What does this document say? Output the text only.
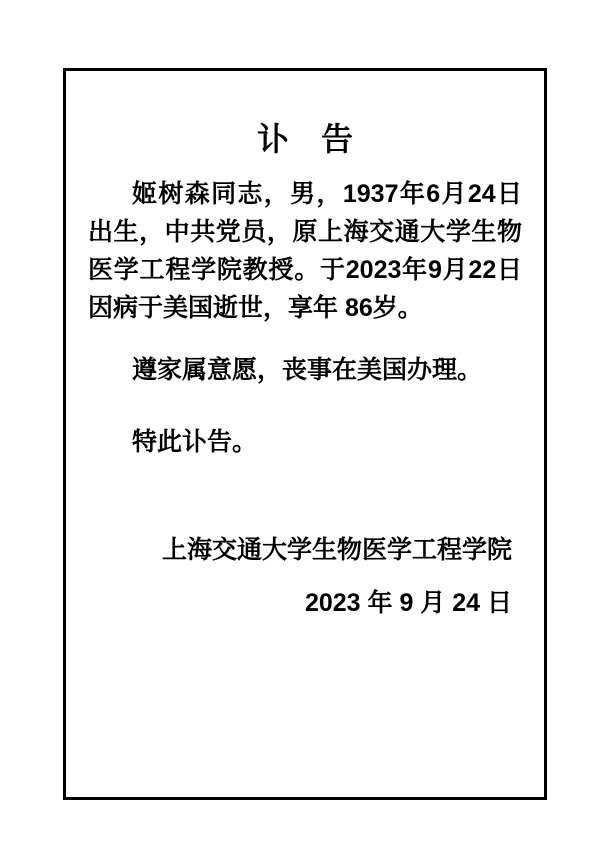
讣　告

姬树森同志，男，1937年6月24日出生，中共党员，原上海交通大学生物医学工程学院教授。于2023年9月22日因病于美国逝世，享年 86岁。

遵家属意愿，丧事在美国办理。

特此讣告。

上海交通大学生物医学工程学院

2023 年 9 月 24 日
